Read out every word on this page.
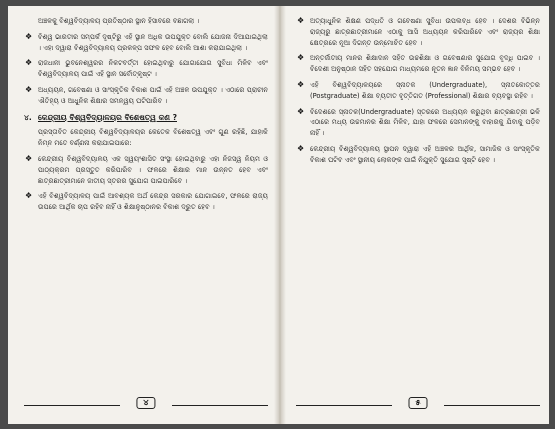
ଅଞ୍ଚଳକୁ ବିଶ୍ୱବିଦ୍ୟାଳୟ ପ୍ରତିଷ୍ଠାର ସ୍ଥାନ ହିସାବରେ ବଛାଗଲା ।

❖ ବିଶ୍ୱ ଭାରତୀର ସମ୍ପର୍କ ଦୃଷ୍ଟିରୁ ଏହି ସ୍ଥାନ ଅଧିକ ଉପଯୁକ୍ତ ବୋଲି ଯୋଜନା ଦିଆଯାଇଥିଲା । ଏହା ଦ୍ୱାରା ବିଶ୍ୱବିଦ୍ୟାଳୟ ପ୍ରକଳ୍ପ ସଫଳ ହେବ ବୋଲି ଆଶା କରାଯାଇଥିଲା ।
❖ ରାଜଧାନୀ ଭୁବନେଶ୍ୱରର ନିକଟବର୍ତ୍ତୀ ହୋଇଥିବାରୁ ଯୋଗାଯୋଗ ସୁବିଧା ମିଳିବ ଏବଂ ବିଶ୍ୱବିଦ୍ୟାଳୟ ପାଇଁ ଏହି ସ୍ଥାନ ସର୍ବୋତ୍କୃଷ୍ଟ ।
❖ ଅଧ୍ୟୟନ, ଗବେଷଣା ଓ ସାଂସ୍କୃତିକ ବିକାଶ ପାଇଁ ଏହି ଅଞ୍ଚଳ ଉପଯୁକ୍ତ । ଏଠାରେ ପ୍ରାଚୀନ ଐତିହ୍ୟ ଓ ଆଧୁନିକ ଶିକ୍ଷାର ସମନ୍ୱୟ ଘଟିପାରିବ ।
୪. କେନ୍ଦ୍ରୀୟ ବିଶ୍ୱବିଦ୍ୟାଳୟର ବିଶେଷତ୍ୱ କଣ ?

ପ୍ରସ୍ତାବିତ କେନ୍ଦ୍ରୀୟ ବିଶ୍ୱବିଦ୍ୟାଳୟର କେତେକ ବିଶେଷତ୍ୱ ଏବଂ ଗୁଣ ରହିଛି, ଯାହାକି ନିମ୍ନ ମତେ ବର୍ଣ୍ଣନା କରାଯାଇପାରେ:

❖ କେନ୍ଦ୍ରୀୟ ବିଶ୍ୱବିଦ୍ୟାଳୟ ଏକ ସ୍ୱୟଂଶାସିତ ସଂସ୍ଥା ହୋଇଥିବାରୁ ଏହା ନିଜସ୍ୱ ନିୟମ ଓ ପାଠ୍ୟକ୍ରମ ପ୍ରସ୍ତୁତ କରିପାରିବ । ଫଳରେ ଶିକ୍ଷାର ମାନ ଉନ୍ନତ ହେବ ଏବଂ ଛାତ୍ରଛାତ୍ରୀମାନେ ଜାତୀୟ ସ୍ତରର ସୁଯୋଗ ପାଇପାରିବେ ।
❖ ଏହି ବିଶ୍ୱବିଦ୍ୟାଳୟ ପାଇଁ ଆବଶ୍ୟକ ଅର୍ଥ କେନ୍ଦ୍ର ସରକାର ଯୋଗାଇବେ, ଫଳରେ ରାଜ୍ୟ ଉପରେ ଆର୍ଥିକ ଚାପ ରହିବ ନାହିଁ ଓ ଶିକ୍ଷାନୁଷ୍ଠାନର ବିକାଶ ଦ୍ରୁତ ହେବ ।
୪
❖ ଅତ୍ୟାଧୁନିକ ଶିକ୍ଷଣ ପଦ୍ଧତି ଓ ଗବେଷଣା ସୁବିଧା ଉପଲବ୍ଧ ହେବ । ଦେଶର ବିଭିନ୍ନ ରାଜ୍ୟରୁ ଛାତ୍ରଛାତ୍ରୀମାନେ ଏଠାକୁ ଆସି ଅଧ୍ୟୟନ କରିପାରିବେ ଏବଂ ରାଜ୍ୟର ଶିକ୍ଷା କ୍ଷେତ୍ରରେ ନୂଆ ଦିଗନ୍ତ ଉନ୍ମୋଚିତ ହେବ ।
❖ ଅନ୍ତର୍ଜାତୀୟ ମାନର ଶିକ୍ଷାଦାନ ସହିତ ଉଚ୍ଚଶିକ୍ଷା ଓ ଗବେଷଣାର ସୁଯୋଗ ବୃଦ୍ଧି ପାଇବ । ବିଦେଶୀ ଅନୁଷ୍ଠାନ ସହିତ ସହଯୋଗ ମାଧ୍ୟମରେ ନୂତନ ଜ୍ଞାନ ବିନିମୟ ସମ୍ଭବ ହେବ ।
❖ ଏହି ବିଶ୍ୱବିଦ୍ୟାଳୟରେ ସ୍ନାତକ (Undergraduate), ସ୍ନାତକୋତ୍ତର (Postgraduate) ଶିକ୍ଷା ବ୍ୟତୀତ ବୃତ୍ତିଗତ (Professional) ଶିକ୍ଷାର ବ୍ୟବସ୍ଥା ରହିବ ।
❖ ବିଦେଶରେ ସ୍ନାତକ(Undergraduate) ସ୍ତରରେ ଅଧ୍ୟୟନ କରୁଥିବା ଛାତ୍ରଛାତ୍ରୀ ଭଳି ଏଠାରେ ମଧ୍ୟ ଉଚ୍ଚମାନର ଶିକ୍ଷା ମିଳିବ, ଯାହା ଫଳରେ ସେମାନଙ୍କୁ ବାହାରକୁ ଯିବାକୁ ପଡ଼ିବ ନାହିଁ ।
❖ କେନ୍ଦ୍ରୀୟ ବିଶ୍ୱବିଦ୍ୟାଳୟ ସ୍ଥାପନ ଦ୍ୱାରା ଏହି ଅଞ୍ଚଳର ଆର୍ଥିକ, ସାମାଜିକ ଓ ସାଂସ୍କୃତିକ ବିକାଶ ଘଟିବ ଏବଂ ସ୍ଥାନୀୟ ଲୋକଙ୍କ ପାଇଁ ନିଯୁକ୍ତି ସୁଯୋଗ ସୃଷ୍ଟି ହେବ ।
୫
